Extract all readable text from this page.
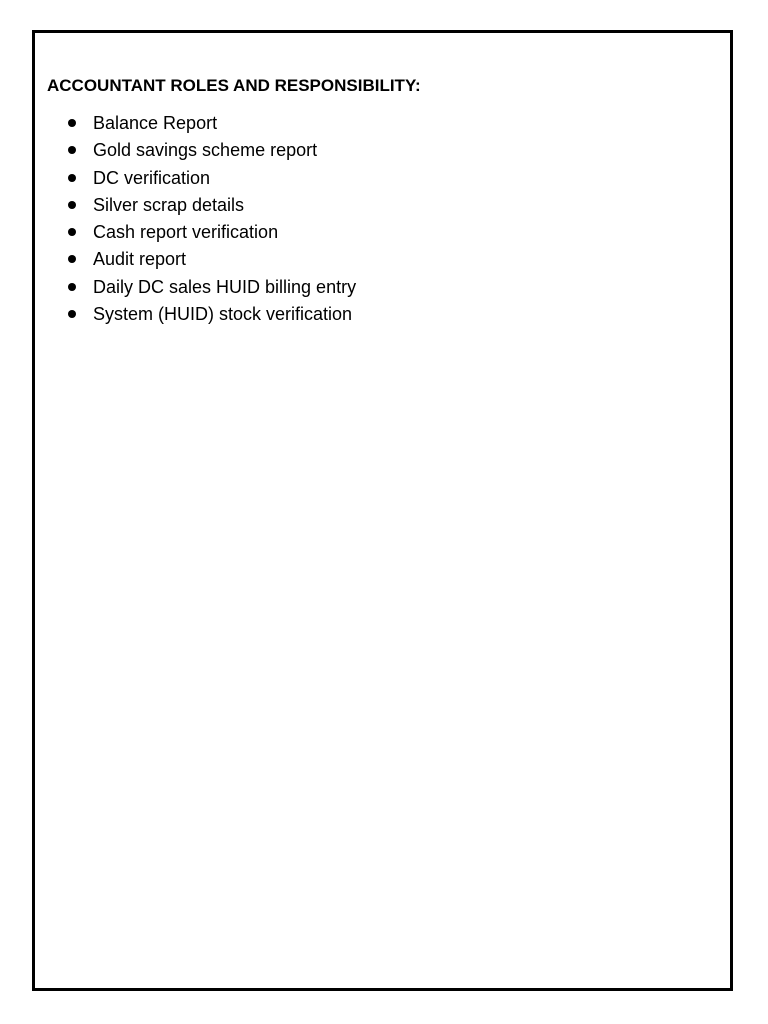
ACCOUNTANT ROLES AND RESPONSIBILITY:
Balance Report
Gold savings scheme report
DC verification
Silver scrap details
Cash report verification
Audit report
Daily DC sales HUID billing entry
System (HUID) stock verification
